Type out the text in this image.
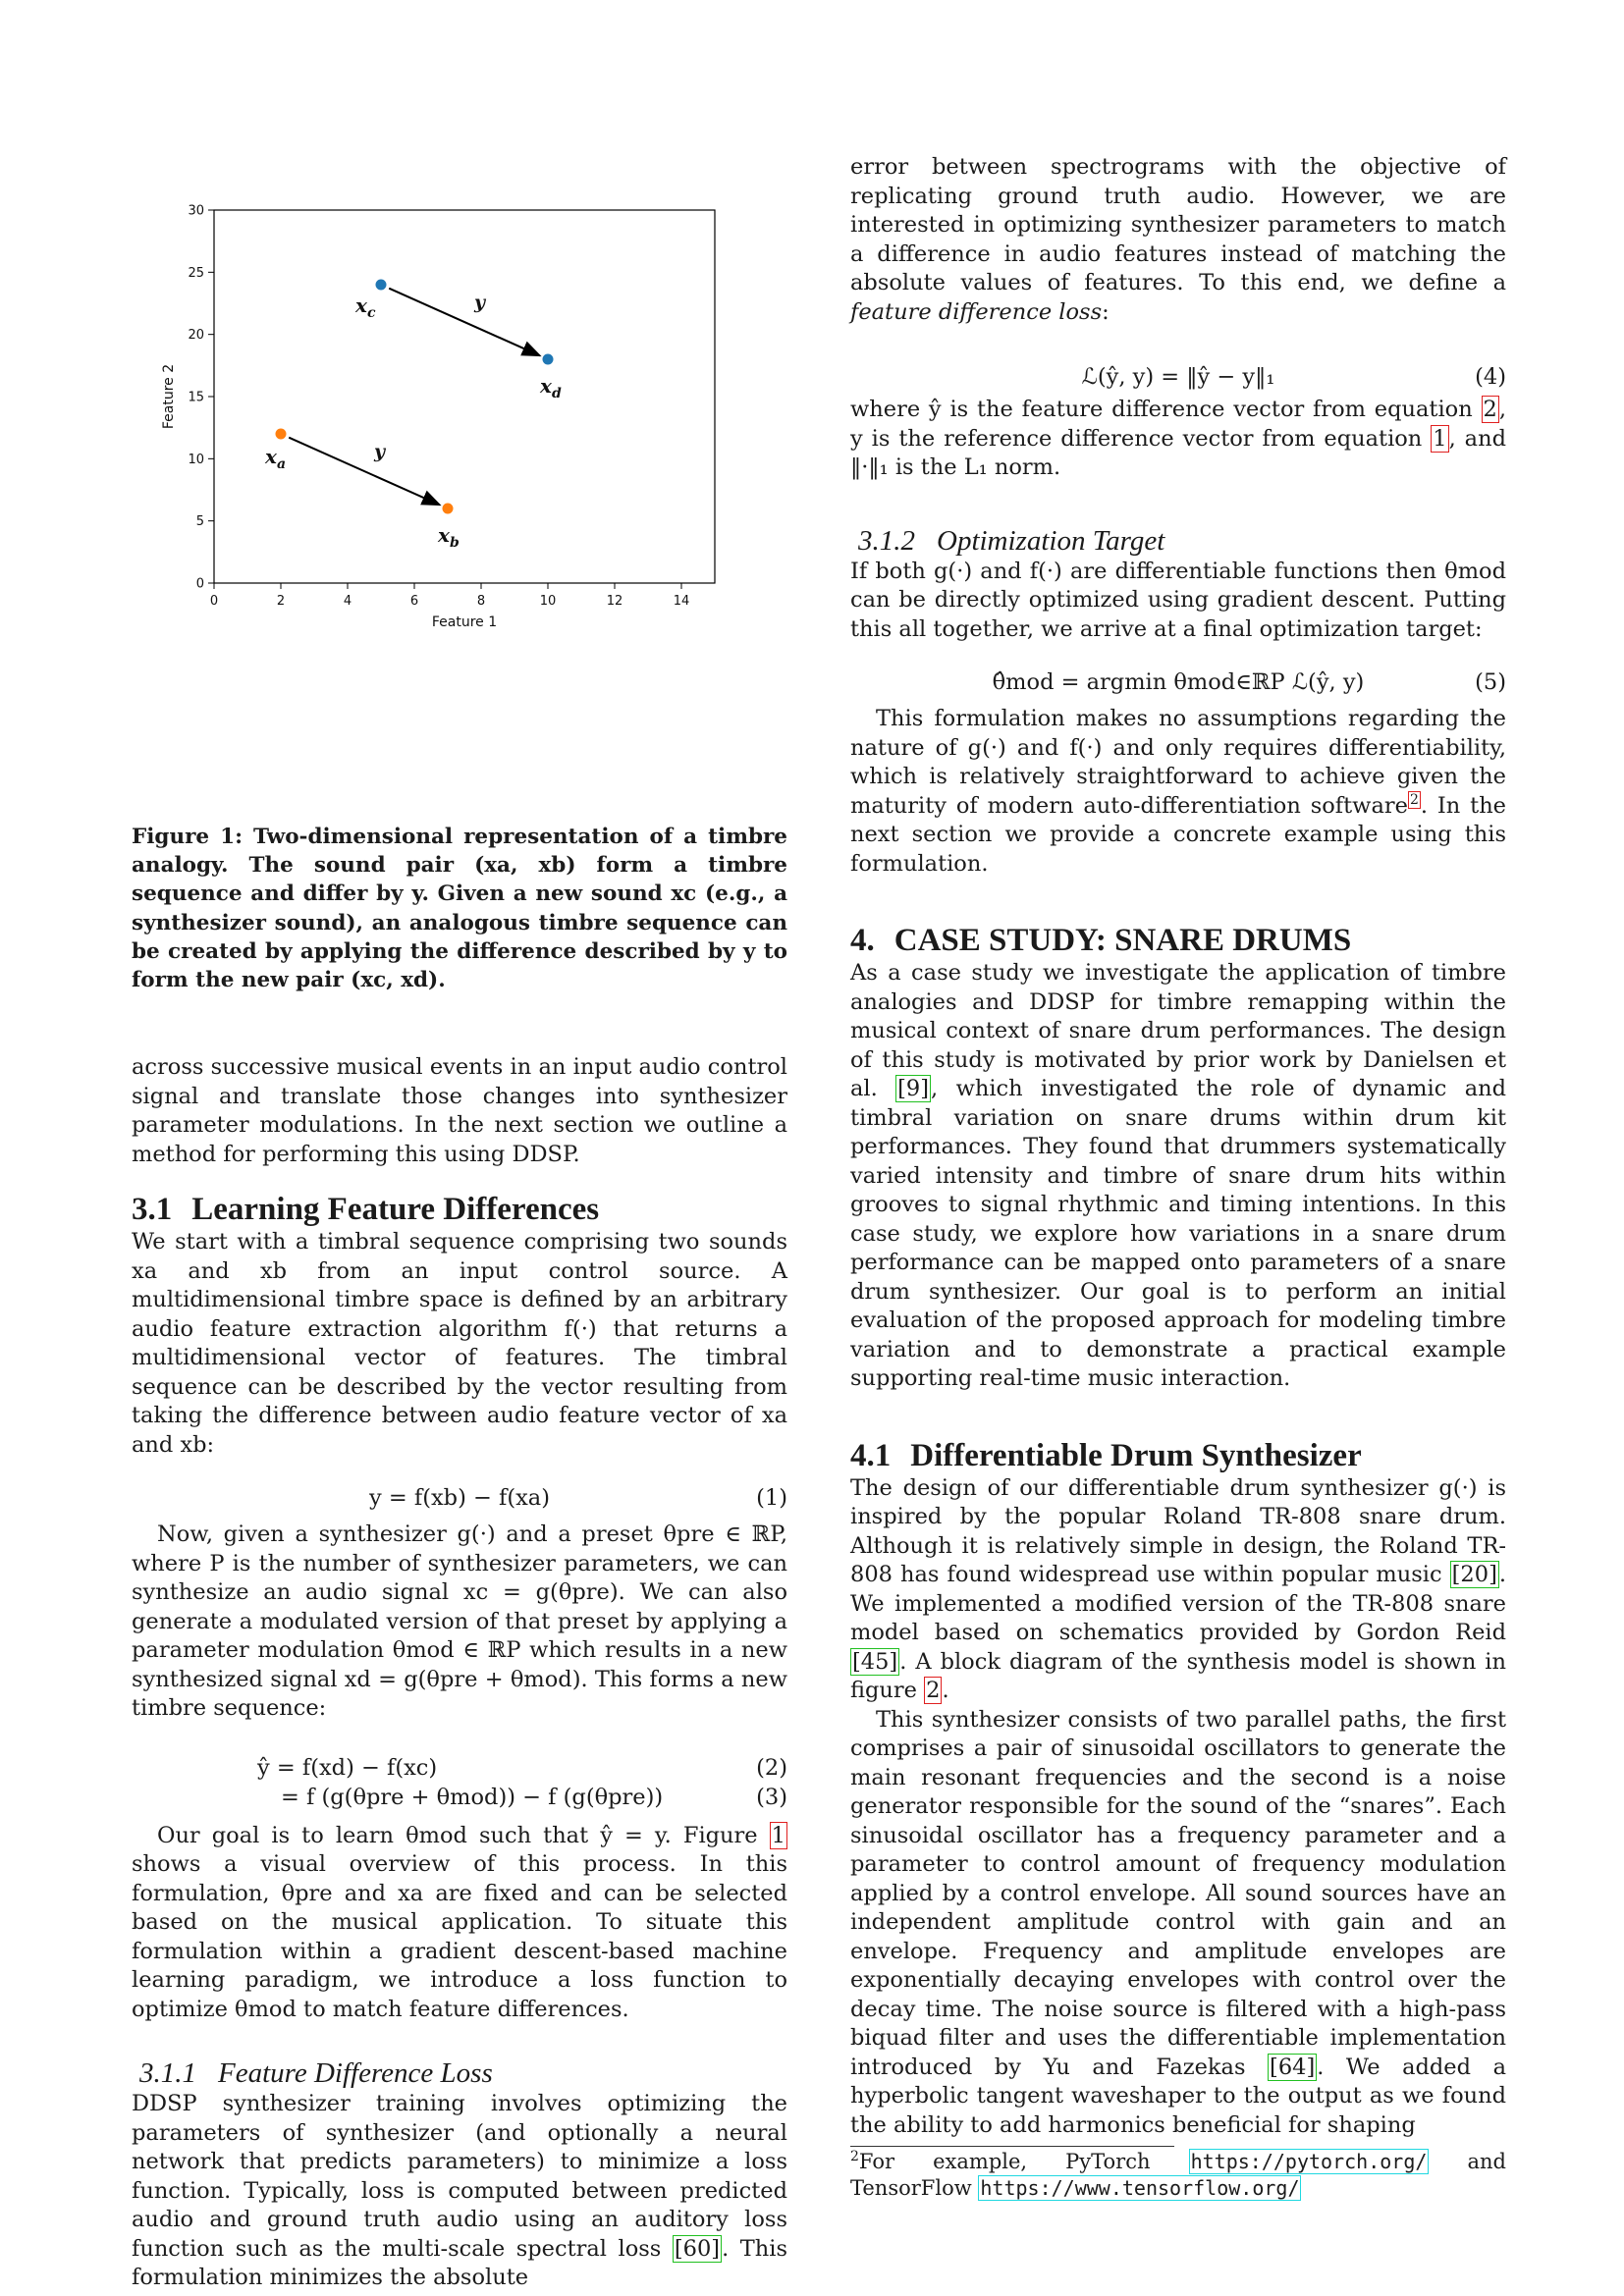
0	2	4	6	8	10	12	14
0
5
10
15
20
25
30
Feature 1
Feature 2
y
y
$x_c$
$x_d$
$x_a$
$x_b$
Figure 1: Two-dimensional representation of a timbre analogy. The sound pair (xa, xb) form a timbre sequence and differ by y. Given a new sound xc (e.g., a synthesizer sound), an analogous timbre sequence can be created by applying the difference described by y to form the new pair (xc, xd).

across successive musical events in an input audio control signal and translate those changes into synthesizer parameter modulations. In the next section we outline a method for performing this using DDSP.

3.1 Learning Feature Differences

We start with a timbral sequence comprising two sounds xa and xb from an input control source. A multidimensional timbre space is defined by an arbitrary audio feature extraction algorithm f(·) that returns a multidimensional vector of features. The timbral sequence can be described by the vector resulting from taking the difference between audio feature vector of xa and xb:

y = f(xb) − f(xa)	(1)

Now, given a synthesizer g(·) and a preset θpre ∈ ℝP, where P is the number of synthesizer parameters, we can synthesize an audio signal xc = g(θpre). We can also generate a modulated version of that preset by applying a parameter modulation θmod ∈ ℝP which results in a new synthesized signal xd = g(θpre + θmod). This forms a new timbre sequence:

ŷ = f(xd) − f(xc)	(2)
= f (g(θpre + θmod)) − f (g(θpre))	(3)

Our goal is to learn θmod such that ŷ = y. Figure 1 shows a visual overview of this process. In this formulation, θpre and xa are fixed and can be selected based on the musical application. To situate this formulation within a gradient descent-based machine learning paradigm, we introduce a loss function to optimize θmod to match feature differences.

3.1.1 Feature Difference Loss

DDSP synthesizer training involves optimizing the parameters of synthesizer (and optionally a neural network that predicts parameters) to minimize a loss function. Typically, loss is computed between predicted audio and ground truth audio using an auditory loss function such as the multi-scale spectral loss [60]. This formulation minimizes the absolute

error between spectrograms with the objective of replicating ground truth audio. However, we are interested in optimizing synthesizer parameters to match a difference in audio features instead of matching the absolute values of features. To this end, we define a feature difference loss:

ℒ(ŷ, y) = ‖ŷ − y‖₁	(4)

where ŷ is the feature difference vector from equation 2, y is the reference difference vector from equation 1, and ‖·‖₁ is the L₁ norm.

3.1.2 Optimization Target

If both g(·) and f(·) are differentiable functions then θmod can be directly optimized using gradient descent. Putting this all together, we arrive at a final optimization target:

θ̂mod = argmin θmod∈ℝP ℒ(ŷ, y)	(5)

This formulation makes no assumptions regarding the nature of g(·) and f(·) and only requires differentiability, which is relatively straightforward to achieve given the maturity of modern auto-differentiation software $^2$. In the next section we provide a concrete example using this formulation.

4. CASE STUDY: SNARE DRUMS

As a case study we investigate the application of timbre analogies and DDSP for timbre remapping within the musical context of snare drum performances. The design of this study is motivated by prior work by Danielsen et al. [9], which investigated the role of dynamic and timbral variation on snare drums within drum kit performances. They found that drummers systematically varied intensity and timbre of snare drum hits within grooves to signal rhythmic and timing intentions. In this case study, we explore how variations in a snare drum performance can be mapped onto parameters of a snare drum synthesizer. Our goal is to perform an initial evaluation of the proposed approach for modeling timbre variation and to demonstrate a practical example supporting real-time music interaction.

4.1 Differentiable Drum Synthesizer

The design of our differentiable drum synthesizer g(·) is inspired by the popular Roland TR-808 snare drum. Although it is relatively simple in design, the Roland TR-808 has found widespread use within popular music [20]. We implemented a modified version of the TR-808 snare model based on schematics provided by Gordon Reid [45]. A block diagram of the synthesis model is shown in figure 2.

This synthesizer consists of two parallel paths, the first comprises a pair of sinusoidal oscillators to generate the main resonant frequencies and the second is a noise generator responsible for the sound of the “snares”. Each sinusoidal oscillator has a frequency parameter and a parameter to control amount of frequency modulation applied by a control envelope. All sound sources have an independent amplitude control with gain and an envelope. Frequency and amplitude envelopes are exponentially decaying envelopes with control over the decay time. The noise source is filtered with a high-pass biquad filter and uses the differentiable implementation introduced by Yu and Fazekas [64]. We added a hyperbolic tangent waveshaper to the output as we found the ability to add harmonics beneficial for shaping

$^2$For example, PyTorch https://pytorch.org/ and TensorFlow https://www.tensorflow.org/
